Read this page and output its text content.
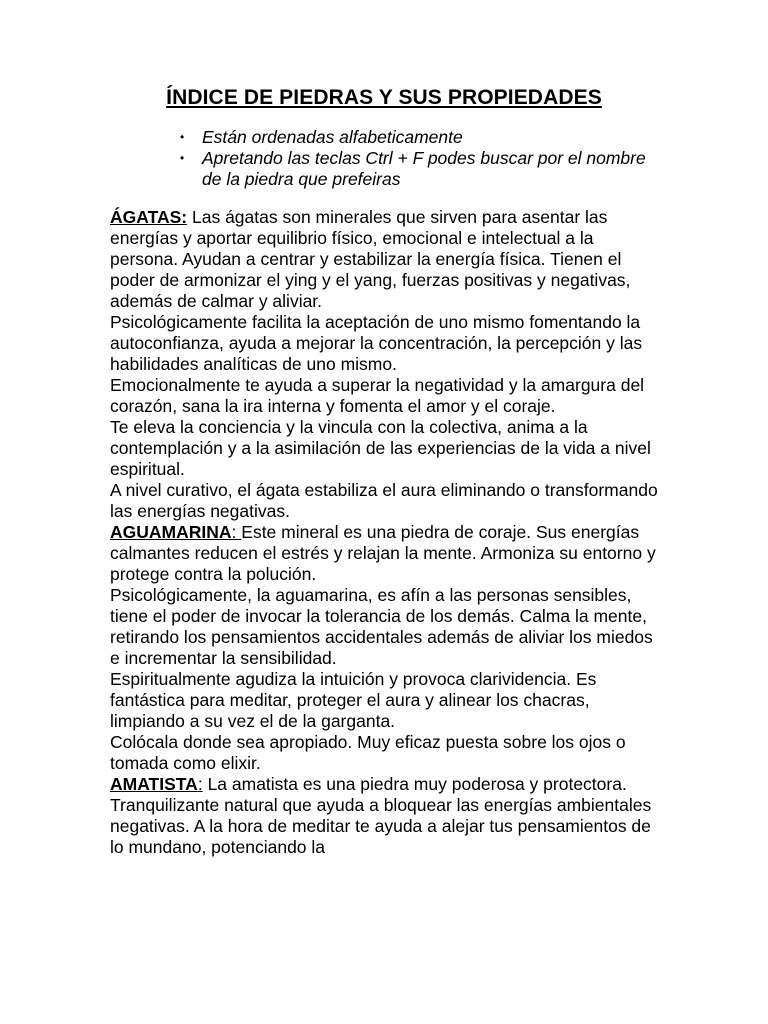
ÍNDICE DE PIEDRAS Y SUS PROPIEDADES
• Están ordenadas alfabeticamente
• Apretando las teclas Ctrl + F podes buscar por el nombre de la piedra que prefeiras

ÁGATAS: Las ágatas son minerales que sirven para asentar las energías y aportar equilibrio físico, emocional e intelectual a la persona. Ayudan a centrar y estabilizar la energía física. Tienen el poder de armonizar el ying y el yang, fuerzas positivas y negativas, además de calmar y aliviar.

Psicológicamente facilita la aceptación de uno mismo fomentando la autoconfianza, ayuda a mejorar la concentración, la percepción y las habilidades analíticas de uno mismo.

Emocionalmente te ayuda a superar la negatividad y la amargura del corazón, sana la ira interna y fomenta el amor y el coraje.

Te eleva la conciencia y la vincula con la colectiva, anima a la contemplación y a la asimilación de las experiencias de la vida a nivel espiritual.

A nivel curativo, el ágata estabiliza el aura eliminando o transformando las energías negativas.

AGUAMARINA: Este mineral es una piedra de coraje. Sus energías calmantes reducen el estrés y relajan la mente. Armoniza su entorno y protege contra la polución.

Psicológicamente, la aguamarina, es afín a las personas sensibles, tiene el poder de invocar la tolerancia de los demás. Calma la mente, retirando los pensamientos accidentales además de aliviar los miedos e incrementar la sensibilidad.

Espiritualmente agudiza la intuición y provoca clarividencia. Es fantástica para meditar, proteger el aura y alinear los chacras, limpiando a su vez el de la garganta.

Colócala donde sea apropiado. Muy eficaz puesta sobre los ojos o tomada como elixir.

AMATISTA: La amatista es una piedra muy poderosa y protectora. Tranquilizante natural que ayuda a bloquear las energías ambientales negativas. A la hora de meditar te ayuda a alejar tus pensamientos de lo mundano, potenciando la
